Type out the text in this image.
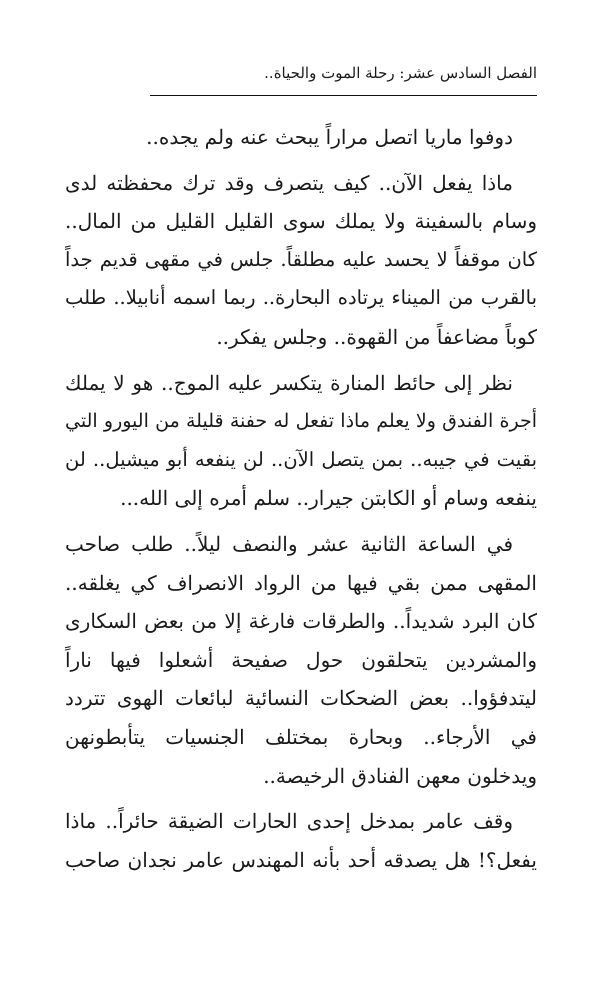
الفصل السادس عشر: رحلة الموت والحياة..
دوفوا ماريا اتصل مراراً يبحث عنه ولم يجده..
ماذا يفعل الآن.. كيف يتصرف وقد ترك محفظته لدى
وسام بالسفينة ولا يملك سوى القليل القليل من المال..
كان موقفاً لا يحسد عليه مطلقاً. جلس في مقهى قديم جداً
بالقرب من الميناء يرتاده البحارة.. ربما اسمه أنابيلا.. طلب
كوباً مضاعفاً من القهوة.. وجلس يفكر..
نظر إلى حائط المنارة يتكسر عليه الموج.. هو لا يملك
أجرة الفندق ولا يعلم ماذا تفعل له حفنة قليلة من اليورو التي
بقيت في جيبه.. بمن يتصل الآن.. لن ينفعه أبو ميشيل.. لن
ينفعه وسام أو الكابتن جيرار.. سلم أمره إلى الله...
في الساعة الثانية عشر والنصف ليلاً.. طلب صاحب
المقهى ممن بقي فيها من الرواد الانصراف كي يغلقه..
كان البرد شديداً.. والطرقات فارغة إلا من بعض السكارى
والمشردين يتحلقون حول صفيحة أشعلوا فيها ناراً
ليتدفؤوا.. بعض الضحكات النسائية لبائعات الهوى تتردد
في الأرجاء.. وبحارة بمختلف الجنسيات يتأبطونهن
ويدخلون معهن الفنادق الرخيصة..
وقف عامر بمدخل إحدى الحارات الضيقة حائراً.. ماذا
يفعل؟! هل يصدقه أحد بأنه المهندس عامر نجدان صاحب
